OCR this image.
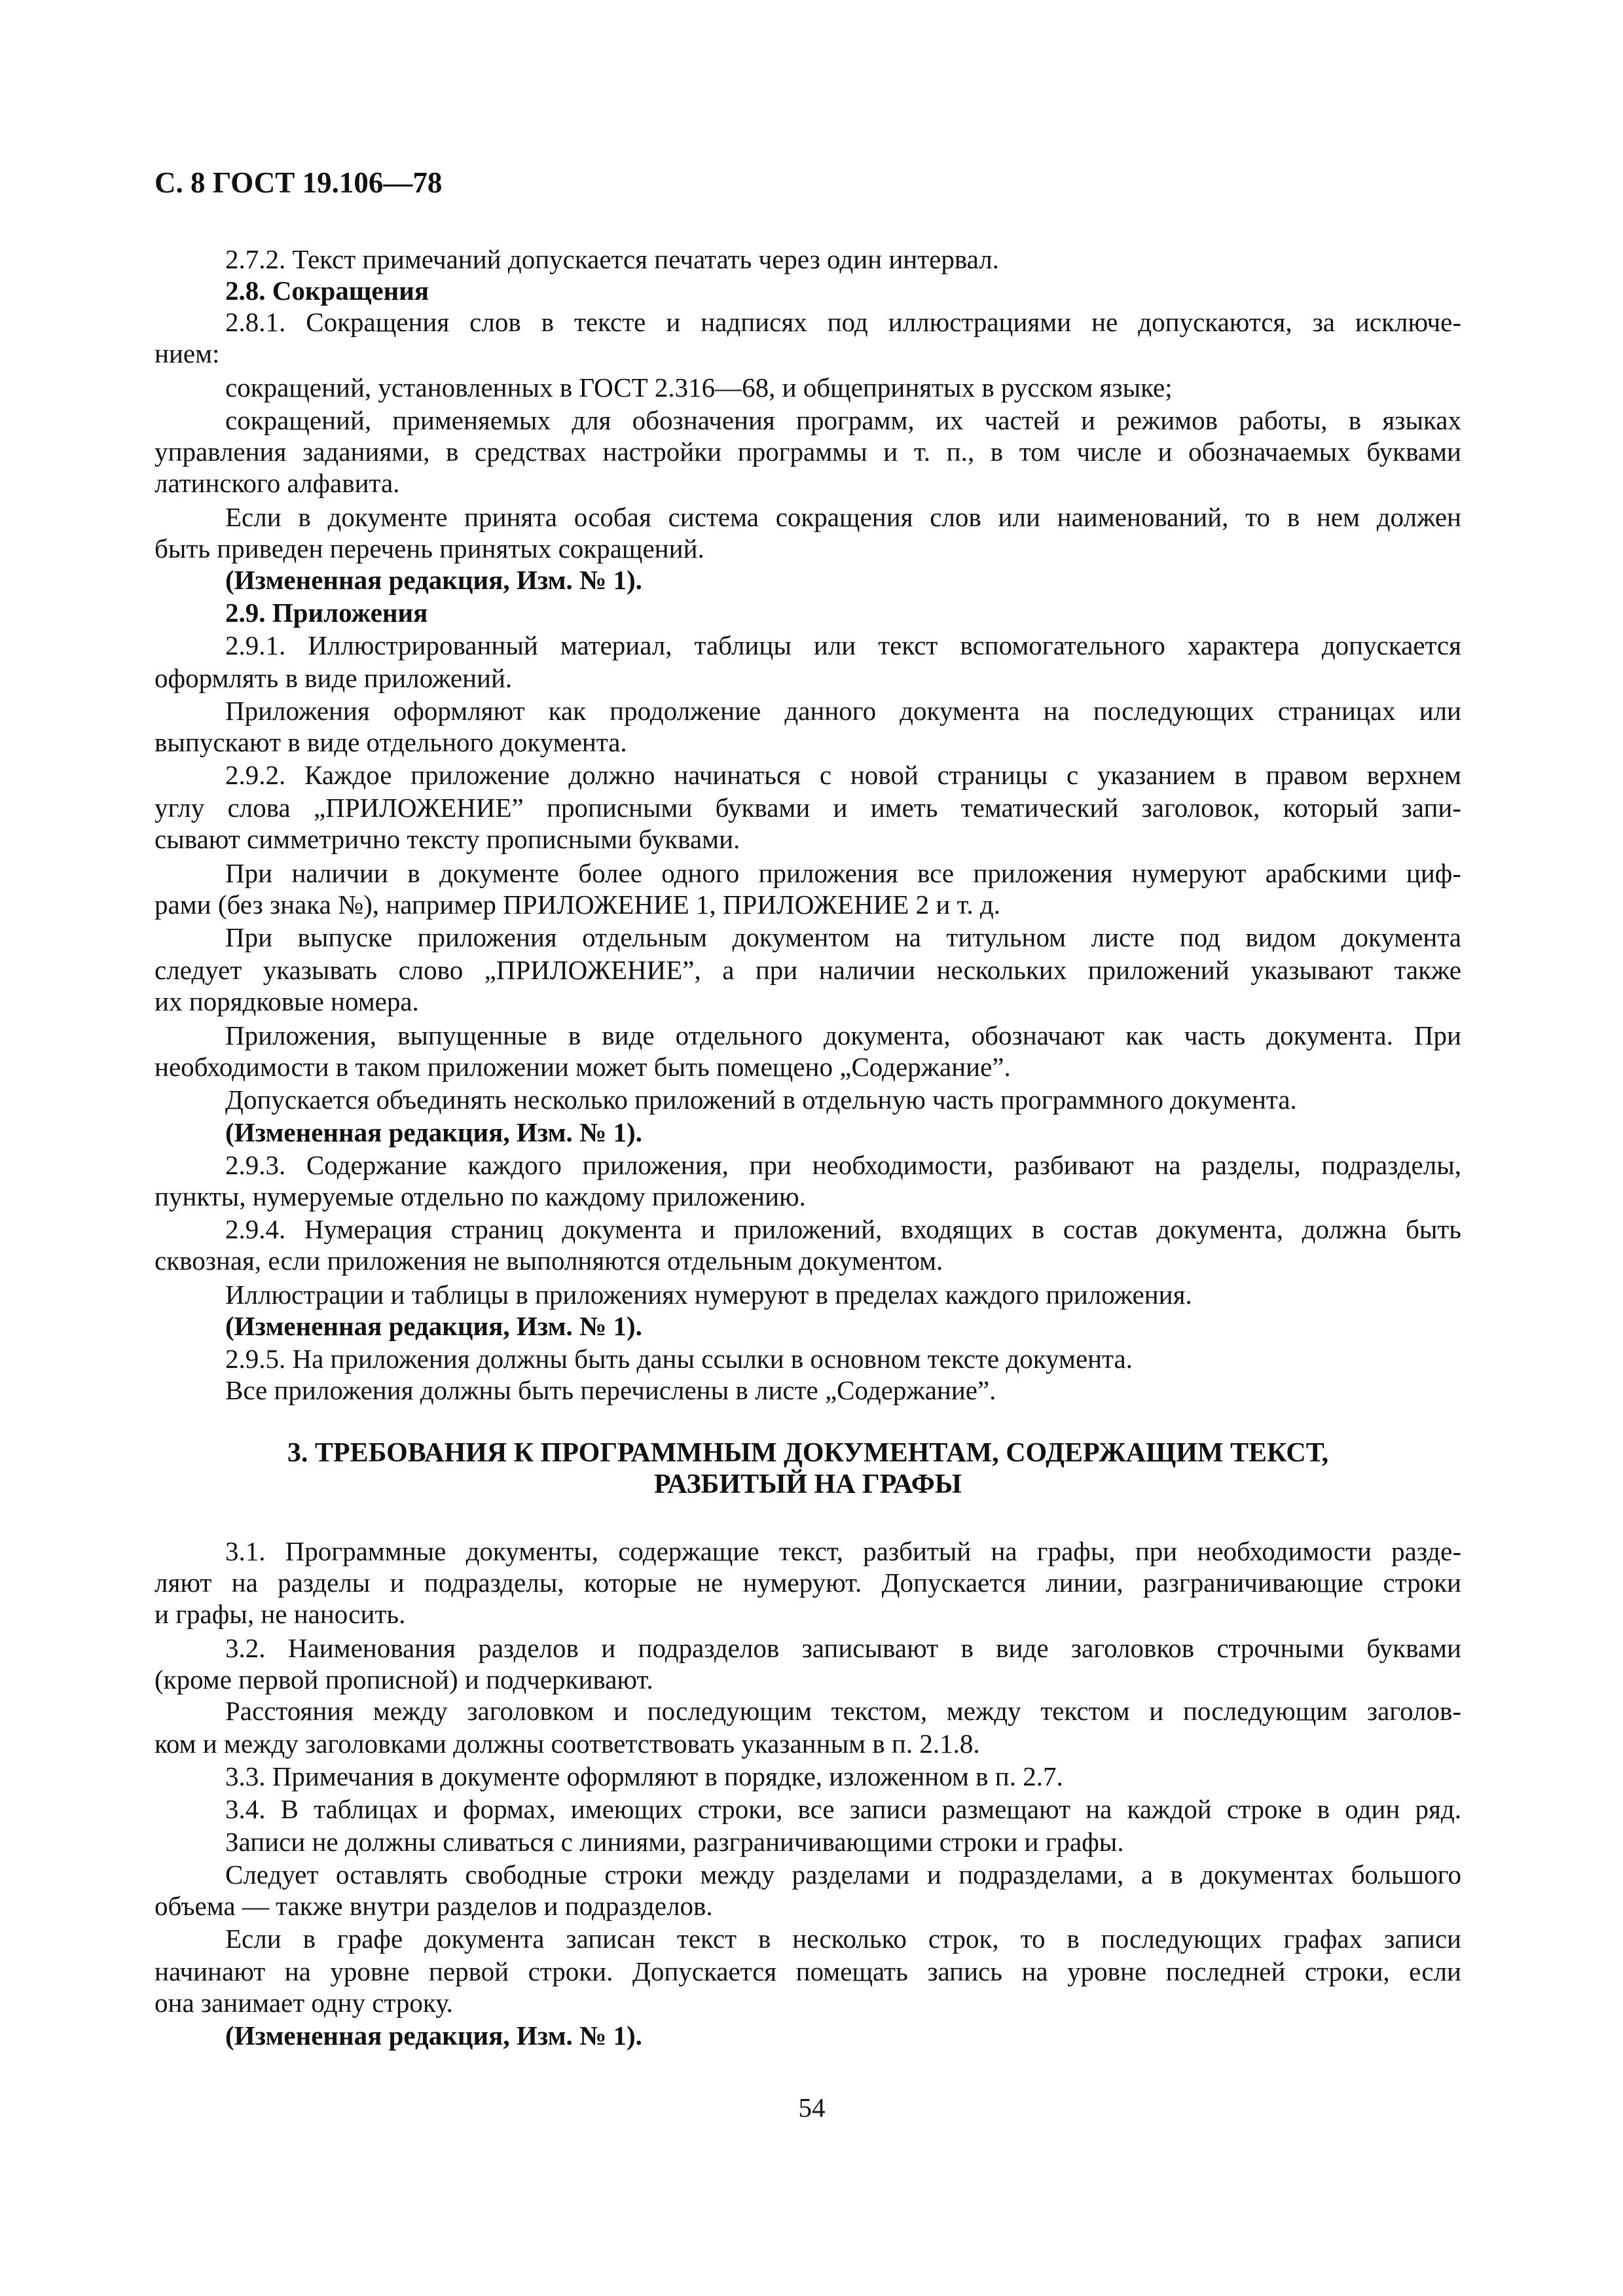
С. 8 ГОСТ 19.106—78
2.7.2. Текст примечаний допускается печатать через один интервал.
2.8. Сокращения
2.8.1. Сокращения слов в тексте и надписях под иллюстрациями не допускаются, за исключе-
нием:
сокращений, установленных в ГОСТ 2.316—68, и общепринятых в русском языке;
сокращений, применяемых для обозначения программ, их частей и режимов работы, в языках
управления заданиями, в средствах настройки программы и т. п., в том числе и обозначаемых буквами
латинского алфавита.
Если в документе принята особая система сокращения слов или наименований, то в нем должен
быть приведен перечень принятых сокращений.
(Измененная редакция, Изм. № 1).
2.9. Приложения
2.9.1. Иллюстрированный материал, таблицы или текст вспомогательного характера допускается
оформлять в виде приложений.
Приложения оформляют как продолжение данного документа на последующих страницах или
выпускают в виде отдельного документа.
2.9.2. Каждое приложение должно начинаться с новой страницы с указанием в правом верхнем
углу слова „ПРИЛОЖЕНИЕ” прописными буквами и иметь тематический заголовок, который запи-
сывают симметрично тексту прописными буквами.
При наличии в документе более одного приложения все приложения нумеруют арабскими циф-
рами (без знака №), например ПРИЛОЖЕНИЕ 1, ПРИЛОЖЕНИЕ 2 и т. д.
При выпуске приложения отдельным документом на титульном листе под видом документа
следует указывать слово „ПРИЛОЖЕНИЕ”, а при наличии нескольких приложений указывают также
их порядковые номера.
Приложения, выпущенные в виде отдельного документа, обозначают как часть документа. При
необходимости в таком приложении может быть помещено „Содержание”.
Допускается объединять несколько приложений в отдельную часть программного документа.
(Измененная редакция, Изм. № 1).
2.9.3. Содержание каждого приложения, при необходимости, разбивают на разделы, подразделы,
пункты, нумеруемые отдельно по каждому приложению.
2.9.4. Нумерация страниц документа и приложений, входящих в состав документа, должна быть
сквозная, если приложения не выполняются отдельным документом.
Иллюстрации и таблицы в приложениях нумеруют в пределах каждого приложения.
(Измененная редакция, Изм. № 1).
2.9.5. На приложения должны быть даны ссылки в основном тексте документа.
Все приложения должны быть перечислены в листе „Содержание”.
3. ТРЕБОВАНИЯ К ПРОГРАММНЫМ ДОКУМЕНТАМ, СОДЕРЖАЩИМ ТЕКСТ,
РАЗБИТЫЙ НА ГРАФЫ
3.1. Программные документы, содержащие текст, разбитый на графы, при необходимости разде-
ляют на разделы и подразделы, которые не нумеруют. Допускается линии, разграничивающие строки
и графы, не наносить.
3.2. Наименования разделов и подразделов записывают в виде заголовков строчными буквами
(кроме первой прописной) и подчеркивают.
Расстояния между заголовком и последующим текстом, между текстом и последующим заголов-
ком и между заголовками должны соответствовать указанным в п. 2.1.8.
3.3. Примечания в документе оформляют в порядке, изложенном в п. 2.7.
3.4. В таблицах и формах, имеющих строки, все записи размещают на каждой строке в один ряд.
Записи не должны сливаться с линиями, разграничивающими строки и графы.
Следует оставлять свободные строки между разделами и подразделами, а в документах большого
объема — также внутри разделов и подразделов.
Если в графе документа записан текст в несколько строк, то в последующих графах записи
начинают на уровне первой строки. Допускается помещать запись на уровне последней строки, если
она занимает одну строку.
(Измененная редакция, Изм. № 1).
54
